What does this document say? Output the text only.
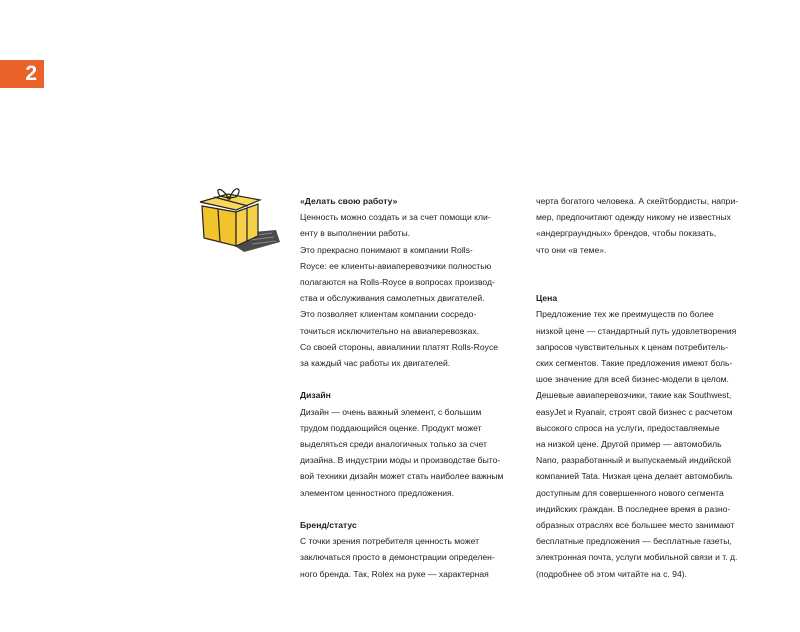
2

«Делать свою работу»

Ценность можно создать и за счет помощи кли-
енту в выполнении работы.
Это прекрасно понимают в компании Rolls-
Royce: ее клиенты-авиаперевозчики полностью
полагаются на Rolls-Royce в вопросах производ-
ства и обслуживания самолетных двигателей.
Это позволяет клиентам компании сосредо-
точиться исключительно на авиаперевозках.
Со своей стороны, авиалинии платят Rolls-Royce
за каждый час работы их двигателей.

Дизайн

Дизайн — очень важный элемент, с большим
трудом поддающийся оценке. Продукт может
выделяться среди аналогичных только за счет
дизайна. В индустрии моды и производстве быто-
вой техники дизайн может стать наиболее важным
элементом ценностного предложения.

Бренд/статус

С точки зрения потребителя ценность может
заключаться просто в демонстрации определен-
ного бренда. Так, Rolex на руке — характерная
черта богатого человека. А скейтбордисты, напри-
мер, предпочитают одежду никому не известных
«андерграундных» брендов, чтобы показать,
что они «в теме».

Цена

Предложение тех же преимуществ по более
низкой цене — стандартный путь удовлетворения
запросов чувствительных к ценам потребитель-
ских сегментов. Такие предложения имеют боль-
шое значение для всей бизнес-модели в целом.
Дешевые авиаперевозчики, такие как Southwest,
easyJet и Ryanair, строят свой бизнес с расчетом
высокого спроса на услуги, предоставляемые
на низкой цене. Другой пример — автомобиль
Nano, разработанный и выпускаемый индийской
компанией Tata. Низкая цена делает автомобиль
доступным для совершенного нового сегмента
индийских граждан. В последнее время в разно-
образных отраслях все большее место занимают
бесплатные предложения — бесплатные газеты,
электронная почта, услуги мобильной связи и т. д.
(подробнее об этом читайте на с. 94).
